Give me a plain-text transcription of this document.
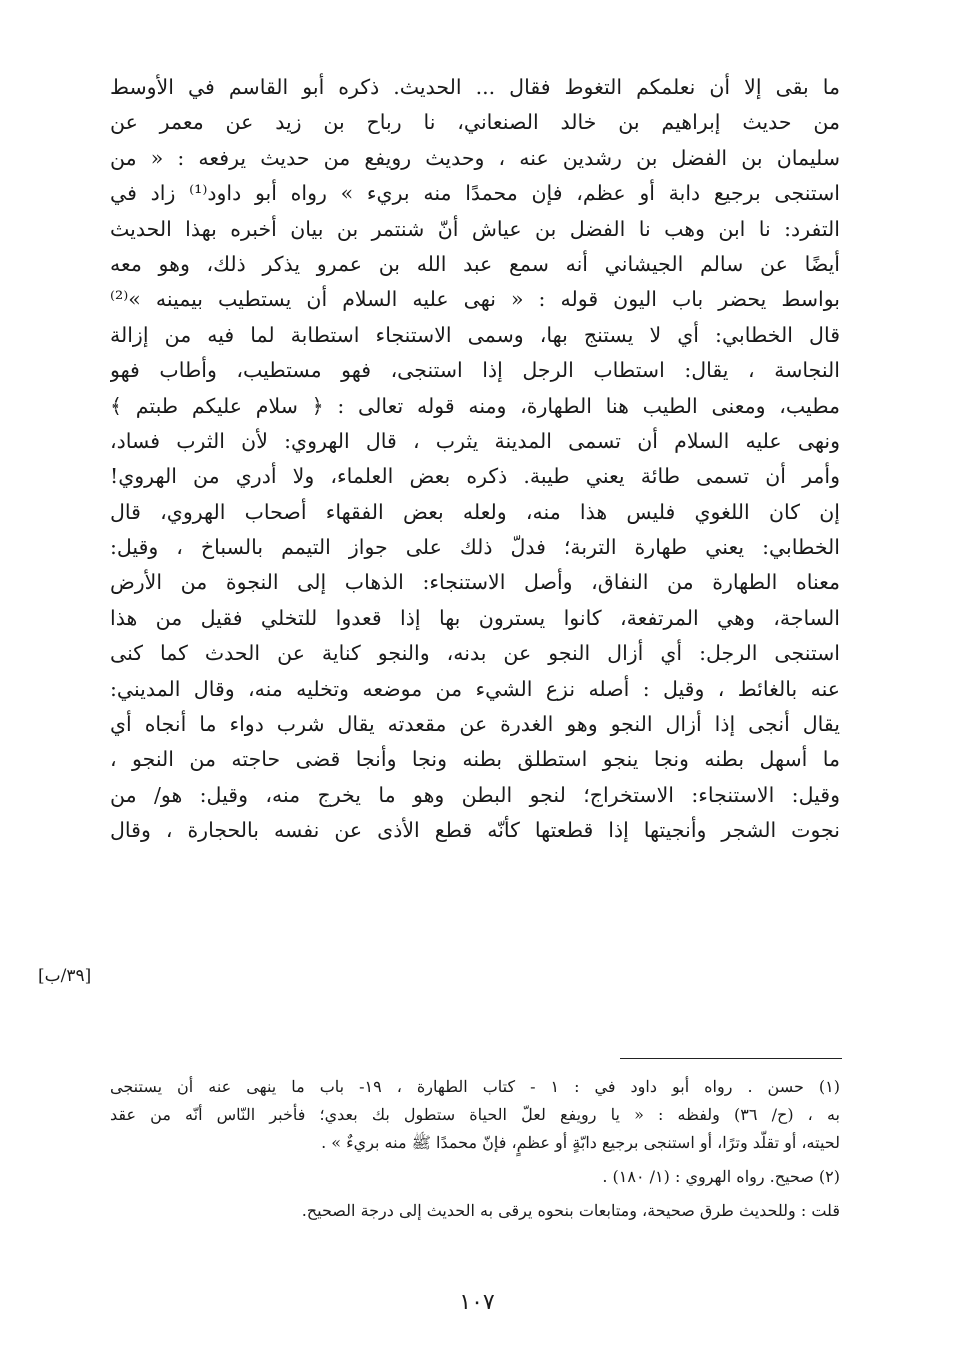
ما بقى إلا أن نعلمكم التغوط فقال ... الحديث. ذكره أبو القاسم في الأوسط
من حديث إبراهيم بن خالد الصنعاني، نا رباح بن زيد عن معمر عن
سليمان بن الفضل بن رشدين عنه ، وحديث رويفع من حديث يرفعه : « من
استنجى برجيع دابة أو عظم، فإن محمدًا منه بريء » رواه أبو داود⁽¹⁾ زاد في
التفرد: نا ابن وهب نا الفضل بن عياش أنّ شنتمر بن بيان أخبره بهذا الحديث
أيضًا عن سالم الجيشاني أنه سمع عبد الله بن عمرو يذكر ذلك، وهو معه
بواسط يحضر باب اليون قوله : « نهى عليه السلام أن يستطيب بيمينه »⁽²⁾
قال الخطابي: أي لا يستنج بها، وسمى الاستنجاء استطابة لما فيه من إزالة
النجاسة ، يقال: استطاب الرجل إذا استنجى، فهو مستطيب، وأطاب فهو
مطيب، ومعنى الطيب هنا الطهارة، ومنه قوله تعالى : ﴿ سلام عليكم طبتم ﴾
ونهى عليه السلام أن تسمى المدينة يثرب ، قال الهروي: لأن الثرب فساد،
وأمر أن تسمى طائة يعني طيبة. ذكره بعض العلماء، ولا أدري من الهروي!
إن كان اللغوي فليس هذا منه، ولعله بعض الفقهاء أصحاب الهروي، قال
الخطابي: يعني طهارة التربة؛ فدلّ ذلك على جواز التيمم بالسباخ ، وقيل:
معناه الطهارة من النفاق، وأصل الاستنجاء: الذهاب إلى النجوة من الأرض
الساجة، وهي المرتفعة، كانوا يسترون بها إذا قعدوا للتخلي فقيل من هذا
استنجى الرجل: أي أزال النجو عن بدنه، والنجو كناية عن الحدث كما كنى
عنه بالغائط ، وقيل : أصله نزع الشيء من موضعه وتخليه منه، وقال المديني:
يقال أنجى إذا أزال النجو وهو الغدرة عن مقعدته يقال شرب دواء ما أنجاه أي
ما أسهل بطنه ونجا ينجو استطلق بطنه ونجا وأنجا قضى حاجته من النجو ،
وقيل: الاستنجاء: الاستخراج؛ لنجو البطن وهو ما يخرج منه، وقيل: هو/ من
نجوت الشجر وأنجيتها إذا قطعتها كأنّه قطع الأذى عن نفسه بالحجارة ، وقال
[٣٩/ب]
(١) حسن . رواه أبو داود في : ١ - كتاب الطهارة ، ١٩- باب ما ينهى عنه أن يستنجى
به ، (ح/ ٣٦) ولفظه : « يا رويفع لعلّ الحياة ستطول بك بعدي؛ فأخبر النّاس أنّه من عقد
لحيته، أو تقلّد وترًا، أو استنجى برجيع دابّةٍ أو عظمٍ، فإنّ محمدًا ﷺ منه بريءٌ » .
(٢) صحيح. رواه الهروي : (١/ ١٨٠) .
قلت : وللحديث طرق صحيحة، ومتابعات بنحوه يرقى به الحديث إلى درجة الصحيح.
١٠٧
